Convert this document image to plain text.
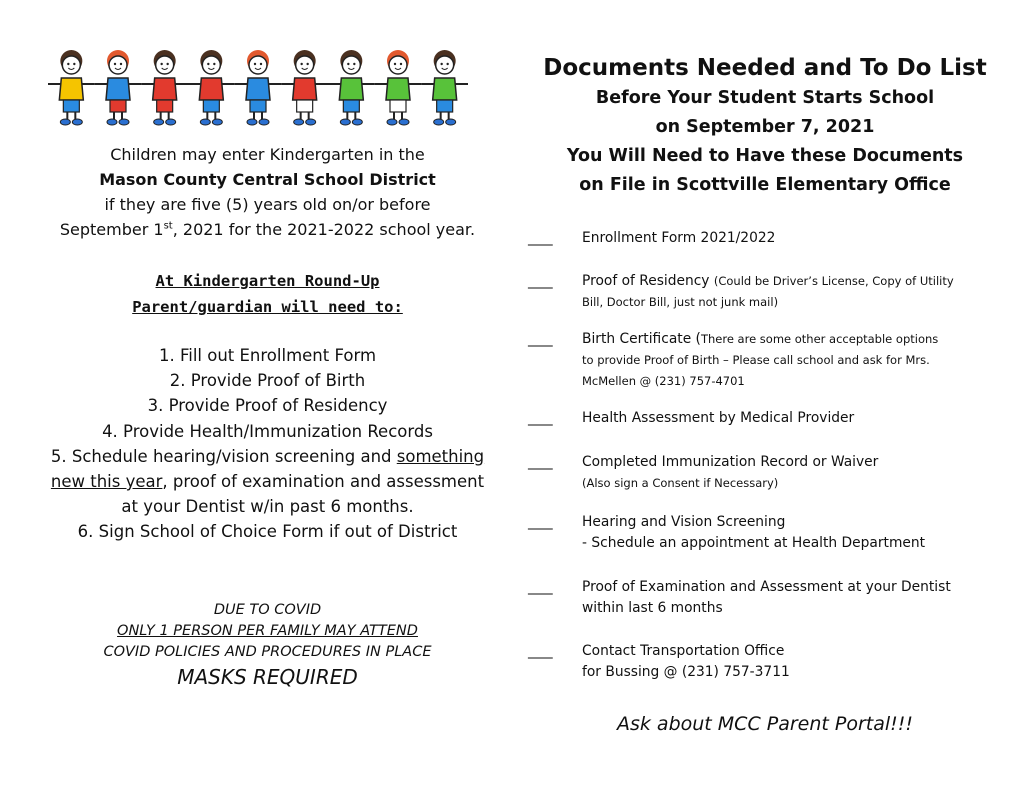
Children may enter Kindergarten in the
Mason County Central School District
if they are five (5) years old on/or before
September 1st, 2021 for the 2021-2022 school year.
At Kindergarten Round-Up
Parent/guardian will need to:
1. Fill out Enrollment Form
2. Provide Proof of Birth
3. Provide Proof of Residency
4. Provide Health/Immunization Records
5. Schedule hearing/vision screening and something
new this year, proof of examination and assessment
at your Dentist w/in past 6 months.
6. Sign School of Choice Form if out of District
DUE TO COVID
ONLY 1 PERSON PER FAMILY MAY ATTEND
COVID POLICIES AND PROCEDURES IN PLACE
MASKS REQUIRED
Documents Needed and To Do List
Before Your Student Starts School
on September 7, 2021
You Will Need to Have these Documents
on File in Scottville Elementary Office
____	Enrollment Form 2021/2022
____	Proof of Residency (Could be Driver’s License, Copy of Utility
Bill, Doctor Bill, just not junk mail)
____	Birth Certificate (There are some other acceptable options
to provide Proof of Birth – Please call school and ask for Mrs.
McMellen @ (231) 757-4701
____	Health Assessment by Medical Provider
____	Completed Immunization Record or Waiver
(Also sign a Consent if Necessary)
____	Hearing and Vision Screening
- Schedule an appointment at Health Department
____	Proof of Examination and Assessment at your Dentist
within last 6 months
____	Contact Transportation Office
for Bussing @ (231) 757-3711
Ask about MCC Parent Portal!!!
